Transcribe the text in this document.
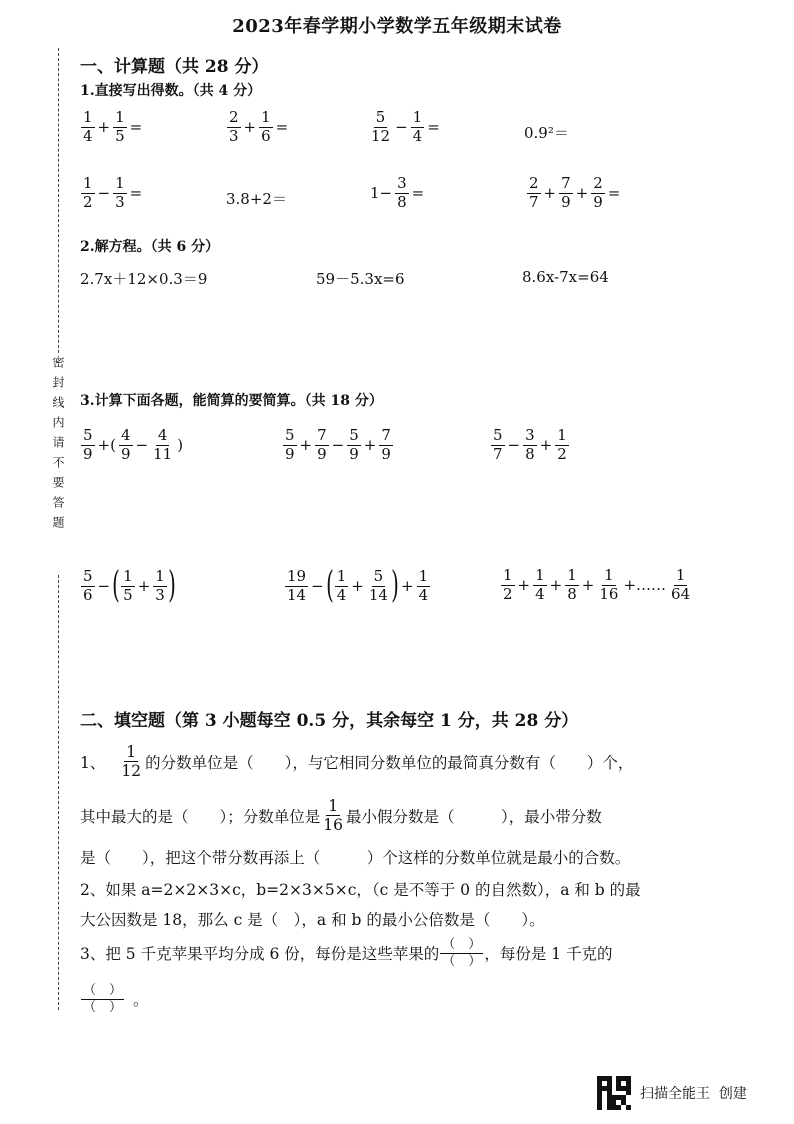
2023年春学期小学数学五年级期末试卷
密封线内请不要答题
一、计算题（共 28 分）
1.直接写出得数。（共 4 分）
$\frac{1}{4} + \frac{1}{5}$ =	$\frac{2}{3} + \frac{1}{6}$ =	$\frac{5}{12} - \frac{1}{4}$ =	0.9²＝
$\frac{1}{2} - \frac{1}{3}$ =	3.8+2＝	$1- \frac{3}{8}$ =	$\frac{2}{7} + \frac{7}{9} + \frac{2}{9}$ =
2.解方程。（共 6 分）
2.7x＋12×0.3＝9	59－5.3x=6	8.6x-7x=64
3.计算下面各题，能简算的要简算。（共 18 分）
$\frac{5}{9}$ +( $\frac{4}{9} - \frac{4}{11}$ )	$\frac{5}{9} + \frac{7}{9} - \frac{5}{9} + \frac{7}{9}$	$\frac{5}{7} - \frac{3}{8} + \frac{1}{2}$
$\frac{5}{6}$ − ( $\frac{1}{5} + \frac{1}{3}$ )	$\frac{19}{14}$ − ( $\frac{1}{4} + \frac{5}{14}$ ) + $\frac{1}{4}$	$\frac{1}{2} + \frac{1}{4} + \frac{1}{8} + \frac{1}{16}$ +…… $\frac{1}{64}$
二、填空题（第 3 小题每空 0.5 分，其余每空 1 分，共 28 分）
1、 $\frac{1}{12}$ 的分数单位是（　　），与它相同分数单位的最简真分数有（　　）个，
其中最大的是（　　）；分数单位是 $\frac{1}{16}$ 最小假分数是（　　　），最小带分数
是（　　），把这个带分数再添上（　　　）个这样的分数单位就是最小的合数。
2、如果 a=2×2×3×c，b=2×3×5×c，（c 是不等于 0 的自然数），a 和 b 的最
大公因数是 18，那么 c 是（　），a 和 b 的最小公倍数是（　　）。
3、把 5 千克苹果平均分成 6 份，每份是这些苹果的 $\frac{( )}{( )}$ ，每份是 1 千克的
$\frac{( )}{( )}$ 。
扫描全能王  创建
